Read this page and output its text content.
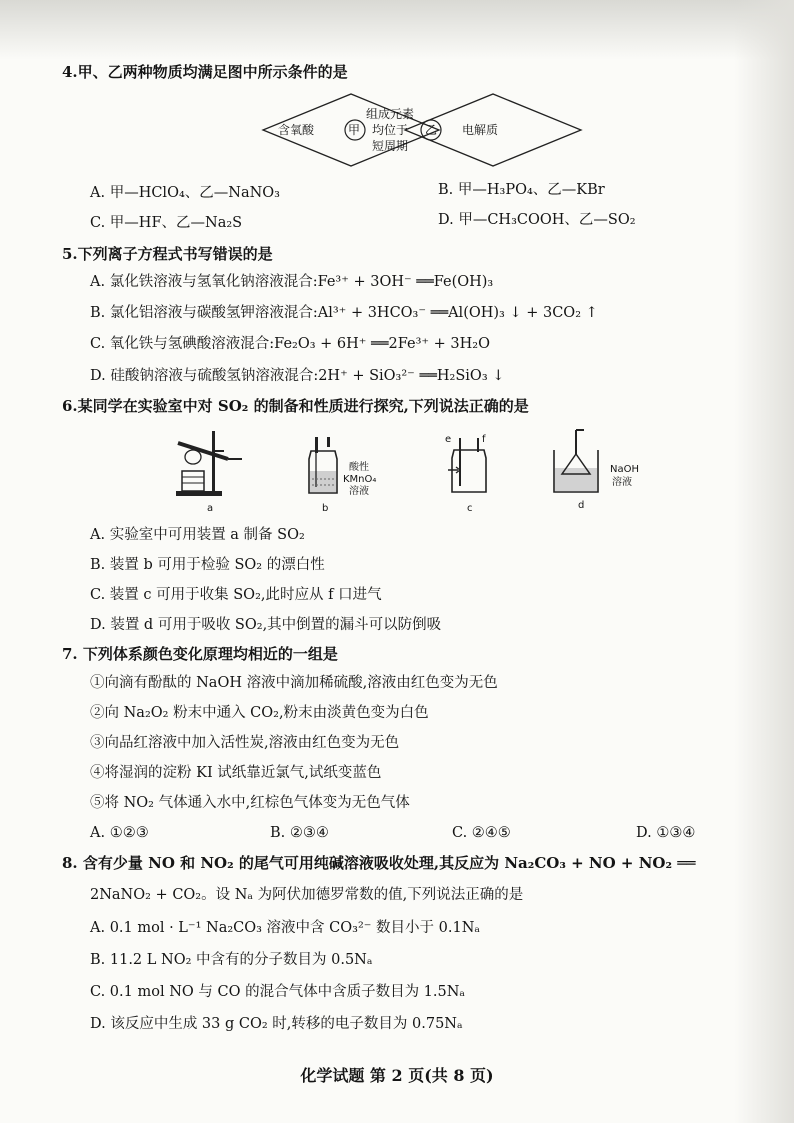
4.甲、乙两种物质均满足图中所示条件的是
含氧酸	甲
组成元素
均位于
短周期
乙 电解质
A. 甲—HClO₄、乙—NaNO₃	B. 甲—H₃PO₄、乙—KBr
C. 甲—HF、乙—Na₂S	D. 甲—CH₃COOH、乙—SO₂
5.下列离子方程式书写错误的是
A. 氯化铁溶液与氢氧化钠溶液混合:Fe³⁺ + 3OH⁻ ══Fe(OH)₃
B. 氯化铝溶液与碳酸氢钾溶液混合:Al³⁺ + 3HCO₃⁻ ══Al(OH)₃ ↓ + 3CO₂ ↑
C. 氧化铁与氢碘酸溶液混合:Fe₂O₃ + 6H⁺ ══2Fe³⁺ + 3H₂O
D. 硅酸钠溶液与硫酸氢钠溶液混合:2H⁺ + SiO₃²⁻ ══H₂SiO₃ ↓
6.某同学在实验室中对 SO₂ 的制备和性质进行探究,下列说法正确的是
a
酸性
KMnO₄
溶液
b
e	f
c
NaOH
溶液
d
A. 实验室中可用装置 a 制备 SO₂
B. 装置 b 可用于检验 SO₂ 的漂白性
C. 装置 c 可用于收集 SO₂,此时应从 f 口进气
D. 装置 d 可用于吸收 SO₂,其中倒置的漏斗可以防倒吸
7. 下列体系颜色变化原理均相近的一组是
①向滴有酚酞的 NaOH 溶液中滴加稀硫酸,溶液由红色变为无色
②向 Na₂O₂ 粉末中通入 CO₂,粉末由淡黄色变为白色
③向品红溶液中加入活性炭,溶液由红色变为无色
④将湿润的淀粉 KI 试纸靠近氯气,试纸变蓝色
⑤将 NO₂ 气体通入水中,红棕色气体变为无色气体
A. ①②③	B. ②③④	C. ②④⑤	D. ①③④
8. 含有少量 NO 和 NO₂ 的尾气可用纯碱溶液吸收处理,其反应为 Na₂CO₃ + NO + NO₂ ══
2NaNO₂ + CO₂。设 Nₐ 为阿伏加德罗常数的值,下列说法正确的是
A. 0.1 mol · L⁻¹ Na₂CO₃ 溶液中含 CO₃²⁻ 数目小于 0.1Nₐ
B. 11.2 L NO₂ 中含有的分子数目为 0.5Nₐ
C. 0.1 mol NO 与 CO 的混合气体中含质子数目为 1.5Nₐ
D. 该反应中生成 33 g CO₂ 时,转移的电子数目为 0.75Nₐ
化学试题 第 2 页(共 8 页)
